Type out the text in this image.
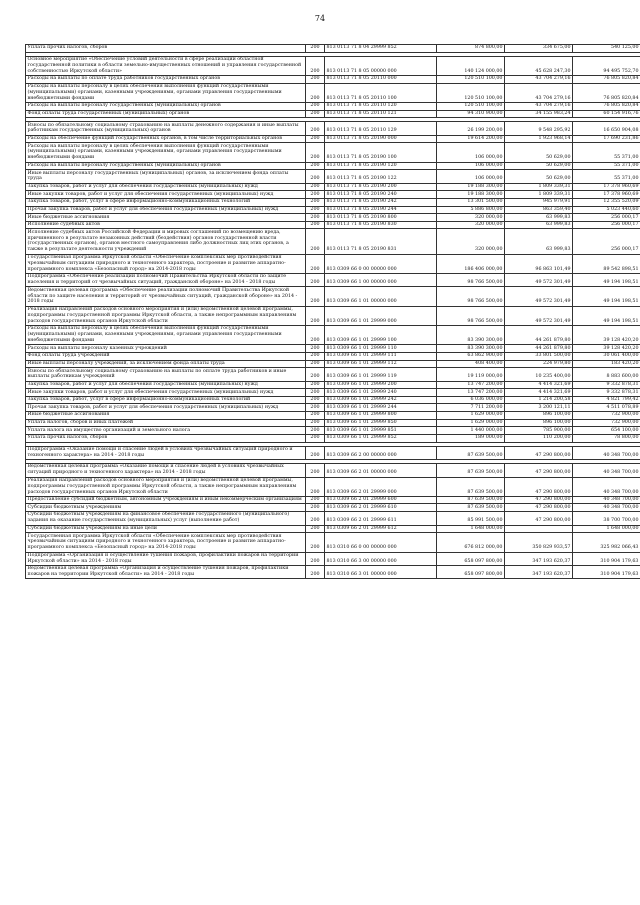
74
Уплата прочих налогов, сборов	200	813 0113 71 8 04 29999 852	874 800,00	334 675,00	540 125,00

Основное мероприятие «Обеспечение условий деятельности в сфере реализации областной государственной политики в области земельно-имущественных отношений и управления государственной собственностью Иркутской области»	200	813 0113 71 8 05 00000 000	140 124 000,00	45 628 247,30	94 495 752,70
Расходы на выплаты по оплате труда работников государственных органов	200	813 0113 71 8 05 20110 000	120 510 100,00	43 704 279,16	76 805 820,84
Расходы на выплаты персоналу в целях обеспечения выполнения функций государственными (муниципальными) органами, казенными учреждениями, органами управления государственными внебюджетными фондами	200	813 0113 71 8 05 20110 100	120 510 100,00	43 704 279,16	76 805 820,84
Расходы на выплаты персоналу государственных (муниципальных) органов	200	813 0113 71 8 05 20110 120	120 510 100,00	43 704 279,16	76 805 820,84
Фонд оплаты труда государственных (муниципальных) органов	200	813 0113 71 8 05 20110 121	94 310 900,00	34 155 983,24	60 154 916,76

Взносы по обязательному социальному страхованию на выплаты денежного содержания и иные выплаты работникам государственных (муниципальных) органов	200	813 0113 71 8 05 20110 129	26 199 200,00	9 548 295,92	16 650 904,08
Расходы на обеспечение функций государственных органов, в том числе территориальных органов	200	813 0113 71 8 05 20190 000	19 614 200,00	1 923 968,14	17 690 231,86
Расходы на выплаты персоналу в целях обеспечения выполнения функций государственными (муниципальными) органами, казенными учреждениями, органами управления государственными внебюджетными фондами	200	813 0113 71 8 05 20190 100	106 000,00	50 629,00	55 371,00
Расходы на выплаты персоналу государственных (муниципальных) органов	200	813 0113 71 8 05 20190 120	106 000,00	50 629,00	55 371,00
Иные выплаты персоналу государственных (муниципальных) органов, за исключением фонда оплаты труда	200	813 0113 71 8 05 20190 122	106 000,00	50 629,00	55 371,00
Закупка товаров, работ и услуг для обеспечения государственных (муниципальных) нужд	200	813 0113 71 8 05 20190 200	19 188 300,00	1 809 339,31	17 378 960,69
Иные закупки товаров, работ и услуг для обеспечения государственных (муниципальных) нужд	200	813 0113 71 8 05 20190 240	19 188 300,00	1 809 339,31	17 378 960,69
Закупка товаров, работ, услуг в сфере информационно-коммуникационных технологий	200	813 0113 71 8 05 20190 242	13 301 500,00	945 979,91	12 355 520,09
Прочая закупка товаров, работ и услуг для обеспечения государственных (муниципальных) нужд	200	813 0113 71 8 05 20190 244	5 886 800,00	863 359,40	5 023 440,60
Иные бюджетные ассигнования	200	813 0113 71 8 05 20190 800	320 000,00	63 999,83	256 000,17
Исполнение судебных актов	200	813 0113 71 8 05 20190 830	320 000,00	63 999,83	256 000,17
Исполнение судебных актов Российской Федерации и мировых соглашений по возмещению вреда, причиненного в результате незаконных действий (бездействия) органов государственной власти (государственных органов), органов местного самоуправления либо должностных лиц этих органов, а также в результате деятельности учреждений	200	813 0113 71 8 05 20190 831	320 000,00	63 999,83	256 000,17
Государственная программа Иркутской области «Обеспечение комплексных мер противодействия чрезвычайным ситуациям природного и техногенного характера, построение и развитие аппаратно-программного комплекса «Безопасный город» на 2014-2018 годы	200	813 0309 66 0 00 00000 000	186 406 000,00	96 863 101,49	89 542 898,51
Подпрограмма «Обеспечение реализации полномочий Правительства Иркутской области по защите населения и территорий от чрезвычайных ситуаций, гражданской обороне» на 2014 - 2018 годы	200	813 0309 66 1 00 00000 000	98 766 500,00	49 572 301,49	49 194 198,51
Ведомственная целевая программа «Обеспечение реализации полномочий Правительства Иркутской области по защите населения и территорий от чрезвычайных ситуаций, гражданской обороне» на 2014 - 2018 годы	200	813 0309 66 1 01 00000 000	98 766 500,00	49 572 301,49	49 194 198,51
Реализация направлений расходов основного мероприятия и (или) ведомственной целевой программы, подпрограммы государственной программы Иркутской области, а также непрограммным направлениям расходов государственных органов Иркутской области	200	813 0309 66 1 01 29999 000	98 766 500,00	49 572 301,49	49 194 198,51
Расходы на выплаты персоналу в целях обеспечения выполнения функций государственными (муниципальными) органами, казенными учреждениями, органами управления государственными внебюджетными фондами	200	813 0309 66 1 01 29999 100	83 390 300,00	44 261 879,80	39 128 420,20
Расходы на выплаты персоналу казенных учреждений	200	813 0309 66 1 01 29999 110	83 390 300,00	44 261 879,80	39 128 420,20
Фонд оплаты труда учреждений	200	813 0309 66 1 01 29999 111	63 862 900,00	33 801 500,00	30 061 400,00
Иные выплаты персоналу учреждений, за исключением фонда оплаты труда	200	813 0309 66 1 01 29999 112	408 400,00	224 979,80	183 420,20
Взносы по обязательному социальному страхованию на выплаты по оплате труда работников и иные выплаты работникам учреждений	200	813 0309 66 1 01 29999 119	19 119 000,00	10 235 400,00	8 883 600,00
Закупка товаров, работ и услуг для обеспечения государственных (муниципальных) нужд	200	813 0309 66 1 01 29999 200	13 747 200,00	4 414 321,69	9 332 878,31
Иные закупки товаров, работ и услуг для обеспечения государственных (муниципальных) нужд	200	813 0309 66 1 01 29999 240	13 747 200,00	4 414 321,69	9 332 878,31
Закупка товаров, работ, услуг в сфере информационно-коммуникационных технологий	200	813 0309 66 1 01 29999 242	6 036 000,00	1 214 200,58	4 821 799,42
Прочая закупка товаров, работ и услуг для обеспечения государственных (муниципальных) нужд	200	813 0309 66 1 01 29999 244	7 711 200,00	3 200 121,11	4 511 078,89
Иные бюджетные ассигнования	200	813 0309 66 1 01 29999 800	1 629 000,00	896 100,00	732 900,00
Уплата налогов, сборов и иных платежей	200	813 0309 66 1 01 29999 850	1 629 000,00	896 100,00	732 900,00
Уплата налога на имущество организаций и земельного налога	200	813 0309 66 1 01 29999 851	1 440 000,00	785 900,00	654 100,00
Уплата прочих налогов, сборов	200	813 0309 66 1 01 29999 852	189 000,00	110 200,00	78 800,00

Подпрограмма «Оказание помощи и спасение людей в условиях чрезвычайных ситуаций природного и техногенного характера» на 2014 - 2018 годы	200	813 0309 66 2 00 00000 000	87 639 500,00	47 290 800,00	40 348 700,00

Ведомственная целевая программа «Оказание помощи и спасение людей в условиях чрезвычайных ситуаций природного и техногенного характера» на 2014 - 2018 годы	200	813 0309 66 2 01 00000 000	87 639 500,00	47 290 800,00	40 348 700,00
Реализация направлений расходов основного мероприятия и (или) ведомственной целевой программы, подпрограммы государственной программы Иркутской области, а также непрограммным направлениям расходов государственных органов Иркутской области	200	813 0309 66 2 01 29999 000	87 639 500,00	47 290 800,00	40 348 700,00
Предоставление субсидий бюджетным, автономным учреждениям и иным некоммерческим организациям	200	813 0309 66 2 01 29999 600	87 639 500,00	47 290 800,00	40 348 700,00
Субсидии бюджетным учреждениям	200	813 0309 66 2 01 29999 610	87 639 500,00	47 290 800,00	40 348 700,00
Субсидии бюджетным учреждениям на финансовое обеспечение государственного (муниципального) задания на оказание государственных (муниципальных) услуг (выполнение работ)	200	813 0309 66 2 01 29999 611	85 991 500,00	47 290 800,00	38 700 700,00
Субсидии бюджетным учреждениям на иные цели	200	813 0309 66 2 01 29999 612	1 648 000,00		1 648 000,00
Государственная программа Иркутской области «Обеспечение комплексных мер противодействия чрезвычайным ситуациям природного и техногенного характера, построение и развитие аппаратно-программного комплекса «Безопасный город» на 2014-2018 годы	200	813 0310 66 0 00 00000 000	676 812 000,00	350 829 933,57	325 982 066,43
Подпрограмма «Организация и осуществление тушения пожаров, профилактики пожаров на территории Иркутской области» на 2014 - 2018 годы	200	813 0310 66 3 00 00000 000	658 097 800,00	347 193 620,37	310 904 179,63
Ведомственная целевая программа «Организация и осуществление тушения пожаров, профилактики пожаров на территории Иркутской области» на 2014 - 2018 годы	200	813 0310 66 3 01 00000 000	658 097 800,00	347 193 620,37	310 904 179,63
